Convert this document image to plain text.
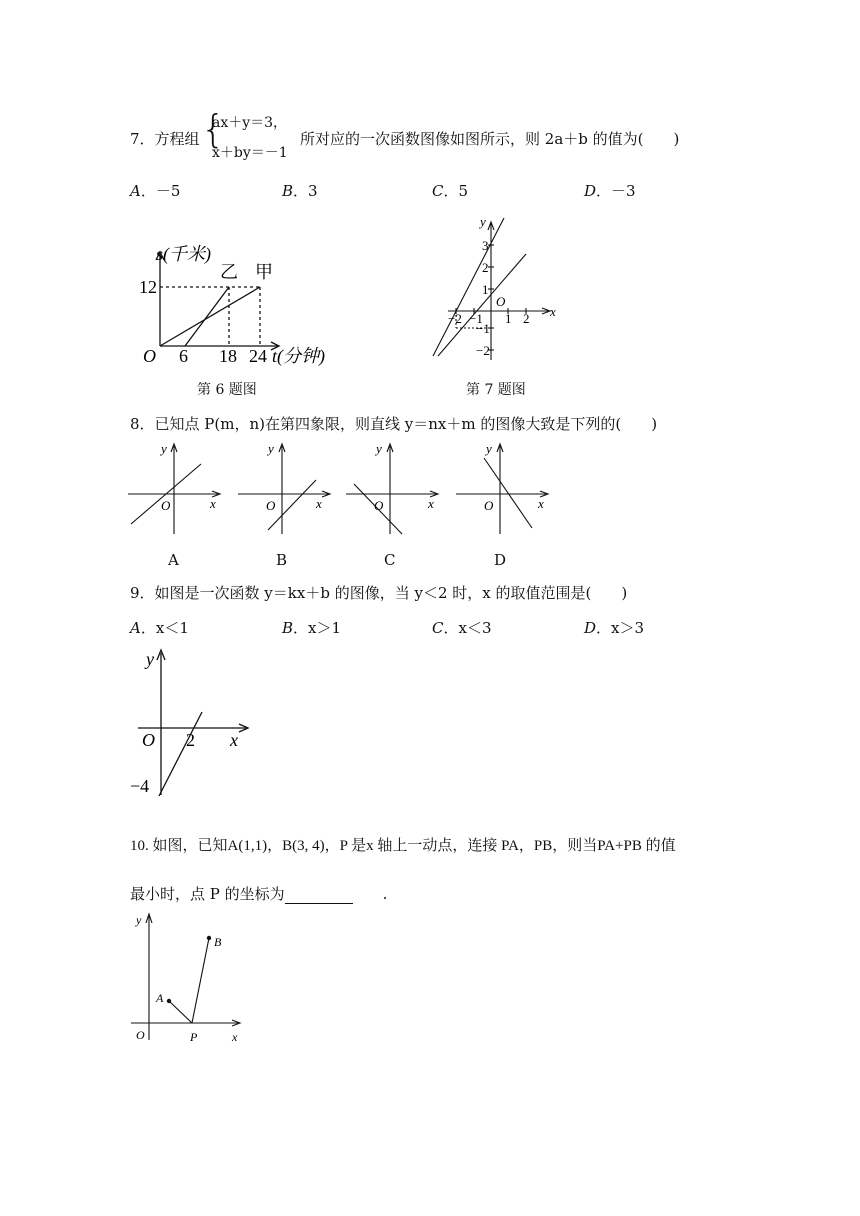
7．方程组 {
ax＋y＝3，
x＋by＝－1
所对应的一次函数图像如图所示，则 2a＋b 的值为(　　)
A．－5	B．3	C．5	D．－3
s(千米)
乙 甲
12
O 6 18 24 t(分钟)
第 6 题图
y
3
2
1
O
−2 −1 1 2 x
−1
−2
第 7 题图
8．已知点 P(m，n)在第四象限，则直线 y＝nx＋m 的图像大致是下列的(　　)
y
O	x
A
y
O	x
B
y
O	x
C
y
O	x
D
9．如图是一次函数 y＝kx＋b 的图像，当 y＜2 时，x 的取值范围是(　　)
A．x＜1	B．x＞1	C．x＜3	D．x＞3
y
O 2 x
−4
10. 如图，已知A(1,1)，B(3, 4)，P 是x 轴上一动点，连接 PA，PB，则当PA+PB 的值
最小时，点 P 的坐标为	.
y
B
A
O	P	x
